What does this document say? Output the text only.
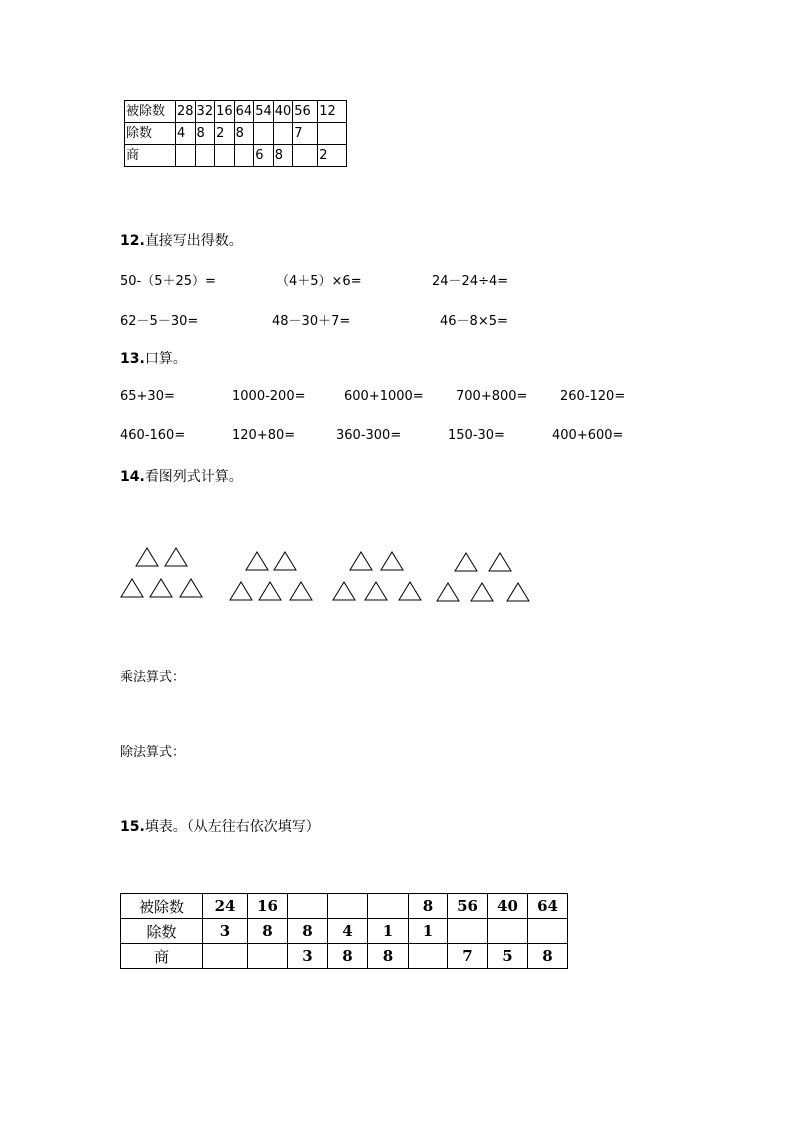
被除数	28	32	16	64	54	40	56	12
除数	4	8	2	8			7	
商					6	8		2
12.直接写出得数。
50-（5＋25）=	（4＋5）×6=	24－24÷4=
62－5－30=	48－30＋7=	46－8×5=
13.口算。
65+30=	1000-200=	600+1000= 700+800=	260-120=
460-160=	120+80=	360-300=	150-30=	400+600=
14.看图列式计算。
乘法算式：
除法算式：
15.填表。（从左往右依次填写）
被除数	24	16				8	56	40	64
除数	3	8	8	4	1	1			
商			3	8	8		7	5	8
